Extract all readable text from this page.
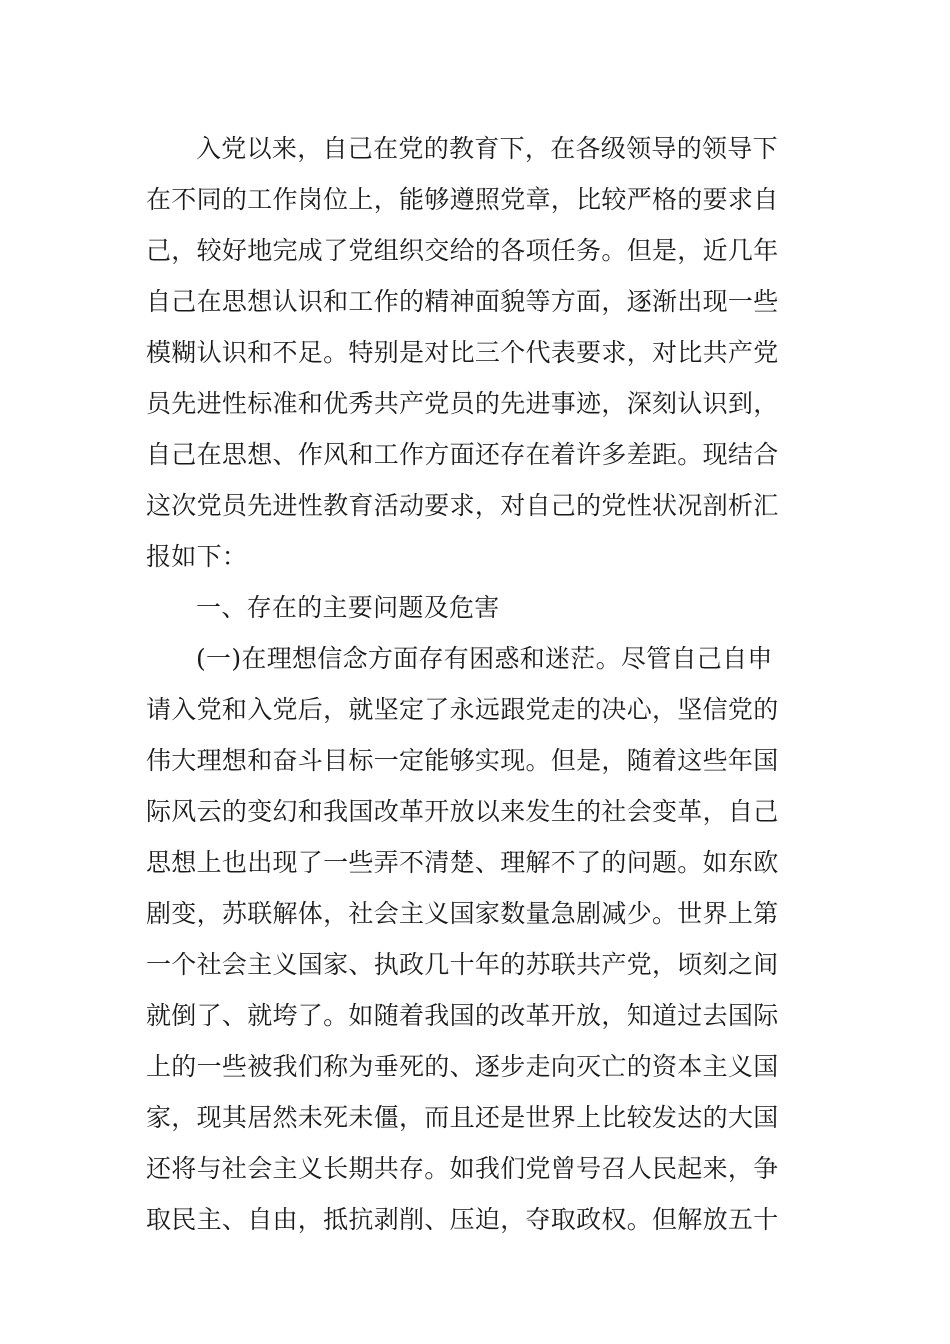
入党以来，自己在党的教育下，在各级领导的领导下
在不同的工作岗位上，能够遵照党章，比较严格的要求自
己，较好地完成了党组织交给的各项任务。但是，近几年
自己在思想认识和工作的精神面貌等方面，逐渐出现一些
模糊认识和不足。特别是对比三个代表要求，对比共产党
员先进性标准和优秀共产党员的先进事迹，深刻认识到，
自己在思想、作风和工作方面还存在着许多差距。现结合
这次党员先进性教育活动要求，对自己的党性状况剖析汇
报如下：
一、存在的主要问题及危害
(一)在理想信念方面存有困惑和迷茫。尽管自己自申
请入党和入党后，就坚定了永远跟党走的决心，坚信党的
伟大理想和奋斗目标一定能够实现。但是，随着这些年国
际风云的变幻和我国改革开放以来发生的社会变革，自己
思想上也出现了一些弄不清楚、理解不了的问题。如东欧
剧变，苏联解体，社会主义国家数量急剧减少。世界上第
一个社会主义国家、执政几十年的苏联共产党，顷刻之间
就倒了、就垮了。如随着我国的改革开放，知道过去国际
上的一些被我们称为垂死的、逐步走向灭亡的资本主义国
家，现其居然未死未僵，而且还是世界上比较发达的大国
还将与社会主义长期共存。如我们党曾号召人民起来，争
取民主、自由，抵抗剥削、压迫，夺取政权。但解放五十
